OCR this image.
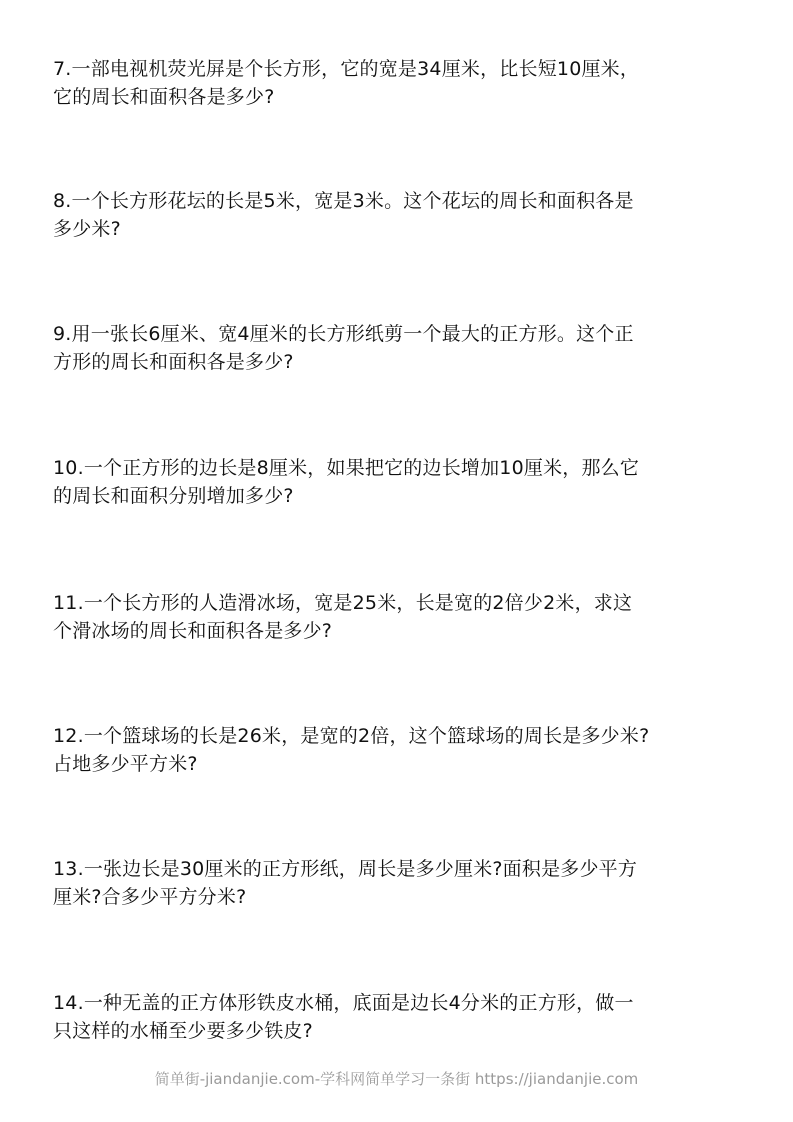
7.一部电视机荧光屏是个长方形，它的宽是34厘米，比长短10厘米，
它的周长和面积各是多少?
8.一个长方形花坛的长是5米，宽是3米。这个花坛的周长和面积各是
多少米?
9.用一张长6厘米、宽4厘米的长方形纸剪一个最大的正方形。这个正
方形的周长和面积各是多少?
10.一个正方形的边长是8厘米，如果把它的边长增加10厘米，那么它
的周长和面积分别增加多少?
11.一个长方形的人造滑冰场，宽是25米，长是宽的2倍少2米，求这
个滑冰场的周长和面积各是多少?
12.一个篮球场的长是26米，是宽的2倍，这个篮球场的周长是多少米?
占地多少平方米?
13.一张边长是30厘米的正方形纸，周长是多少厘米?面积是多少平方
厘米?合多少平方分米?
14.一种无盖的正方体形铁皮水桶，底面是边长4分米的正方形，做一
只这样的水桶至少要多少铁皮?
简单街-jiandanjie.com-学科网简单学习一条街 https://jiandanjie.com
